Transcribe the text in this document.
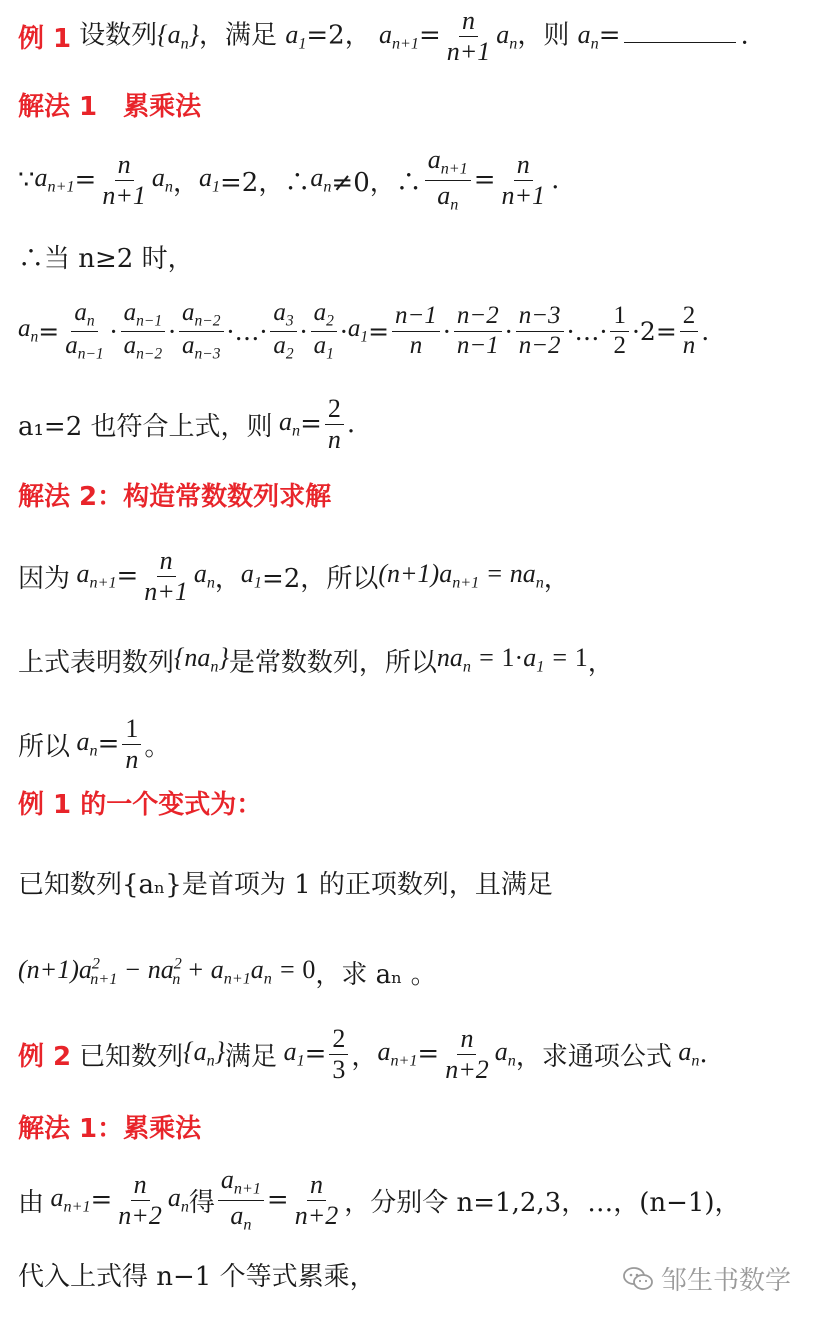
例 1 设数列$\{a_n\}$，满足 $a_1=2$， $a_{n+1}= \frac{n}{n+1} a_n$，则 $a_n=$	.
解法 1　累乘法
∵ $a_{n+1} = \frac{n}{n+1} a_n$ ， $a_1 =2$，∴ $a_n \ne 0$，∴ $\frac{a_{n+1}}{a_n} = \frac{n}{n+1}$ .
∴当 n≥2 时，
$a_n = \frac{a_n}{a_{n-1}} \cdot \frac{a_{n-1}}{a_{n-2}} \cdot \frac{a_{n-2}}{a_{n-3}}$ ·…· $\frac{a_3}{a_2} \cdot \frac{a_2}{a_1} \cdot a_1 = \frac{n-1}{n} \cdot \frac{n-2}{n-1} \cdot \frac{n-3}{n-2}$ ·…· $\frac{1}{2} \cdot 2= \frac{2}{n}$ .
a₁=2 也符合上式，则 $a_n = \frac{2}{n}$ .
解法 2：构造常数数列求解
因为 $a_{n+1} = \frac{n}{n+1} a_n$ ， $a_1 =2$， 所以 $(n+1)a_{n+1} = na_n$ ，
上式表明数列 $\{na_n\}$ 是常数数列，所以 $na_n = 1\cdot a_1 = 1$ ，
所以 $a_n = \frac{1}{n}$ 。
例 1 的一个变式为：
已知数列{aₙ}是首项为 1 的正项数列，且满足
$(n+1)a^2_{n+1} - na^2_n + a_{n+1}a_n = 0$ ，求 aₙ 。
例 2 已知数列 $\{a_n\}$ 满足 $a_1 = \frac{2}{3}$ ， $a_{n+1} = \frac{n}{n+2} a_n$ ， 求通项公式 $a_n$ .
解法 1：累乘法
由 $a_{n+1} = \frac{n}{n+2} a_n$ 得 $\frac{a_{n+1}}{a_n} = \frac{n}{n+2}$ ，分别令 n=1,2,3，…，(n−1)，
代入上式得 n−1 个等式累乘，	邹生书数学
